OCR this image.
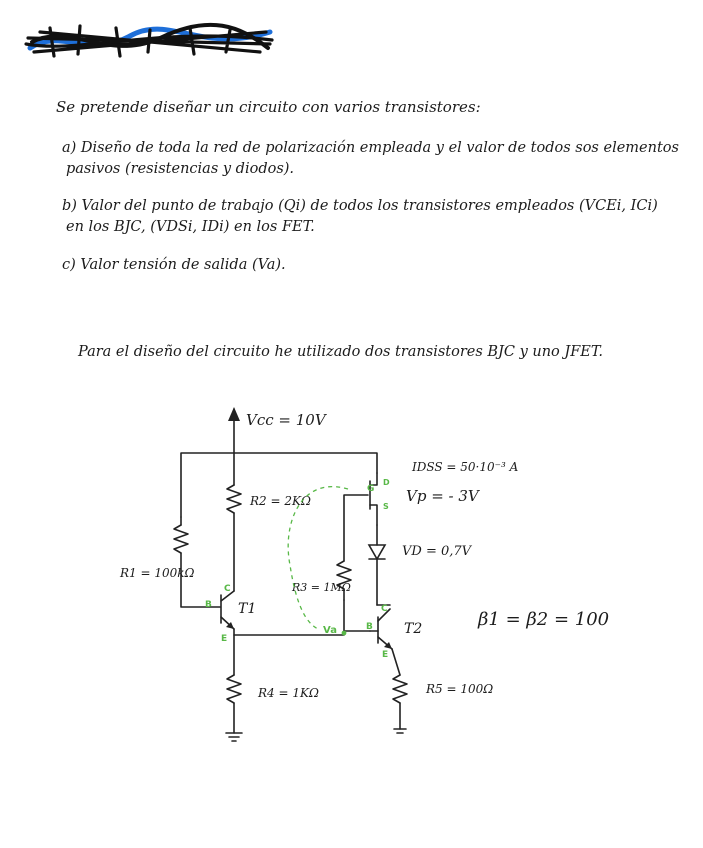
Se pretende diseñar un circuito con varios transistores:
a) Diseño de toda la red de polarización empleada y el valor de todos sos elementos
pasivos (resistencias y diodos).
b) Valor del punto de trabajo (Qi) de todos los transistores empleados (VCEi, ICi)
en los BJC, (VDSi, IDi) en los FET.
c) Valor tensión de salida (Va).
Para el diseño del circuito he utilizado dos transistores BJC y uno JFET.
Vcc = 10V
R1 = 100kΩ
R2 = 2KΩ
C
B
E
T1
R4 = 1KΩ
R3 = 1MΩ
G
D
S
IDSS = 50·10⁻³ A
Vp = - 3V
VD = 0,7V
C
B
E
T2
R5 = 100Ω
Va
β1 = β2 = 100
